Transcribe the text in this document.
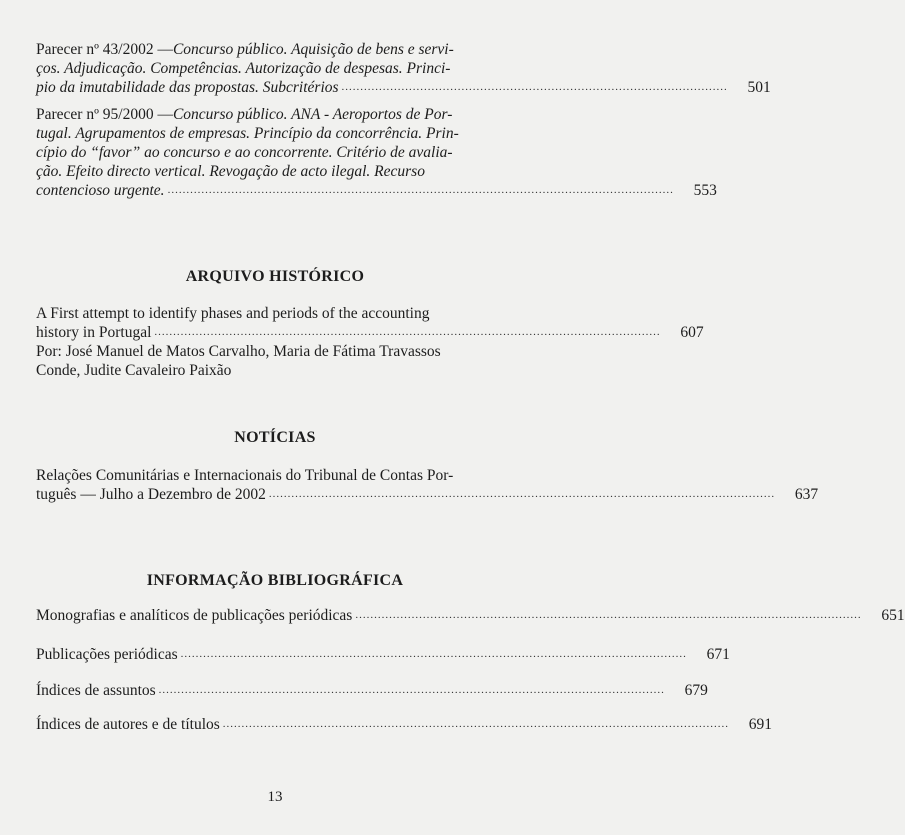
Parecer nº 43/2002 — Concurso público. Aquisição de bens e servi-
ços. Adjudicação. Competências. Autorização de despesas. Princi-
pio da imutabilidade das propostas. Subcritérios .......................................................................................................	501
Parecer nº 95/2000 — Concurso público. ANA - Aeroportos de Por-
tugal. Agrupamentos de empresas. Princípio da concorrência. Prin-
cípio do “favor” ao concurso e ao concorrente. Critério de avalia-
ção. Efeito directo vertical. Revogação de acto ilegal. Recurso
contencioso urgente. .......................................................................................................................................	553
ARQUIVO HISTÓRICO
A First attempt to identify phases and periods of the accounting
history in Portugal .......................................................................................................................................	607
Por: José Manuel de Matos Carvalho, Maria de Fátima Travassos
Conde, Judite Cavaleiro Paixão
NOTÍCIAS
Relações Comunitárias e Internacionais do Tribunal de Contas Por-
tuguês — Julho a Dezembro de 2002 .......................................................................................................................................	637
INFORMAÇÃO BIBLIOGRÁFICA
Monografias e analíticos de publicações periódicas .......................................................................................................................................	651
Publicações periódicas .......................................................................................................................................	671
Índices de assuntos .......................................................................................................................................	679
Índices de autores e de títulos .......................................................................................................................................	691
13
